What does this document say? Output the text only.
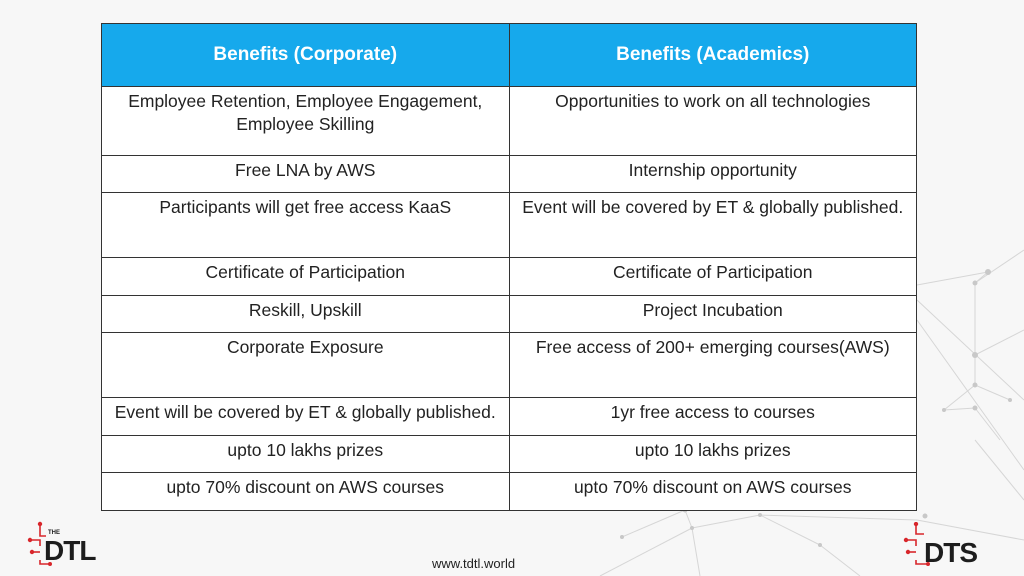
Benefits (Corporate)	Benefits (Academics)
Employee Retention, Employee Engagement, Employee Skilling	Opportunities to work on all technologies
Free LNA by AWS	Internship opportunity
Participants will get free access KaaS	Event will be covered by ET & globally published.
Certificate of Participation	Certificate of Participation
Reskill, Upskill	Project Incubation
Corporate Exposure	Free access of 200+ emerging courses(AWS)
Event will be covered by ET & globally published.	1yr free access to courses
upto 10 lakhs prizes	upto 10 lakhs prizes
upto 70% discount on AWS courses	upto 70% discount on AWS courses
THE
DTL	DTS
www.tdtl.world
